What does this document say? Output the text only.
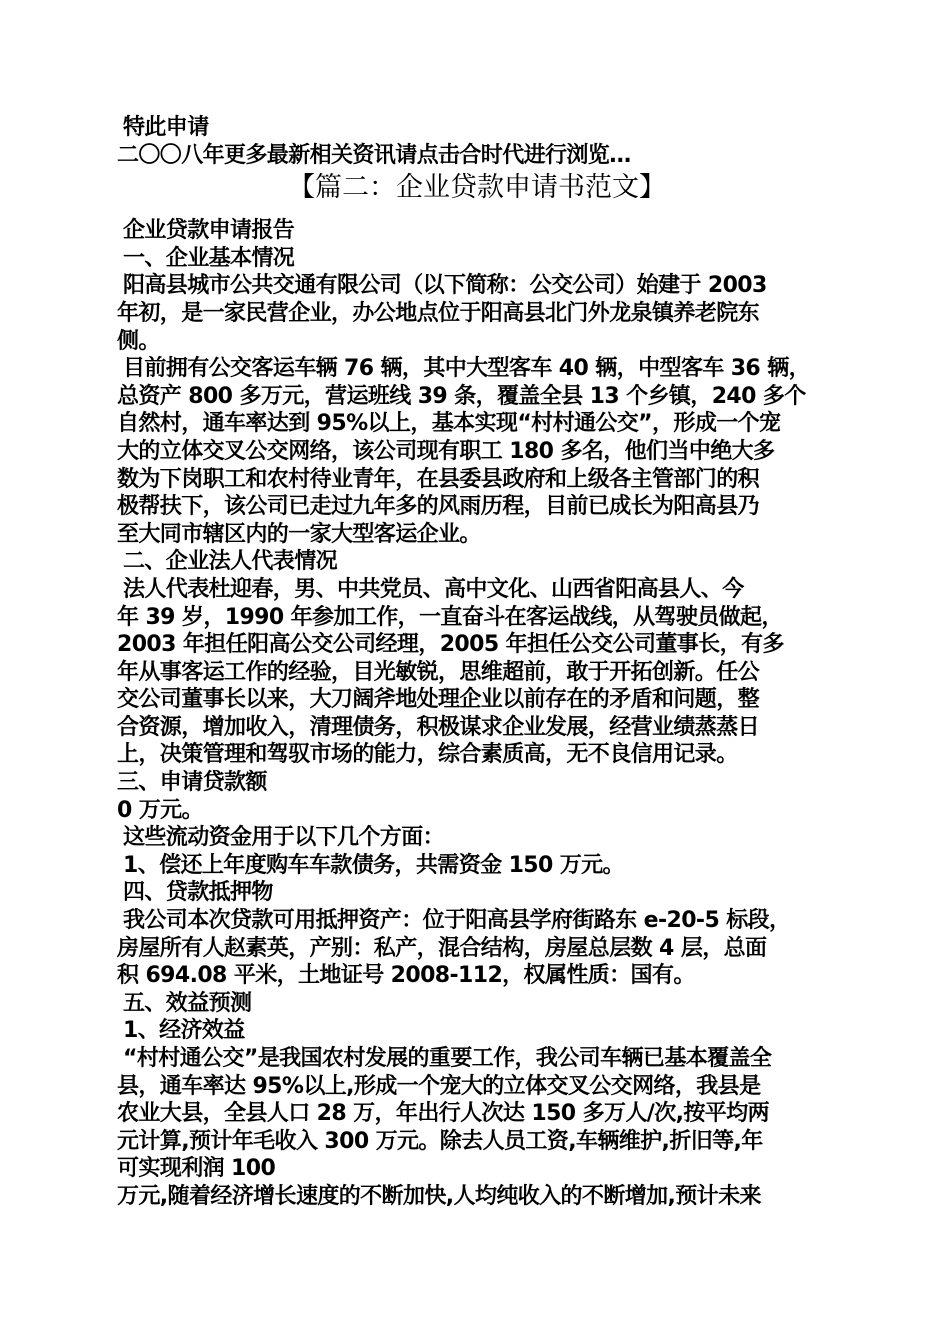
特此申请
二〇〇八年更多最新相关资讯请点击合时代进行浏览…
【篇二：企业贷款申请书范文】
企业贷款申请报告
一、企业基本情况
阳高县城市公共交通有限公司（以下简称：公交公司）始建于 2003
年初，是一家民营企业，办公地点位于阳高县北门外龙泉镇养老院东
侧。
目前拥有公交客运车辆 76 辆，其中大型客车 40 辆，中型客车 36 辆，
总资产 800 多万元，营运班线 39 条，覆盖全县 13 个乡镇，240 多个
自然村，通车率达到 95%以上，基本实现“村村通公交”，形成一个宠
大的立体交叉公交网络，该公司现有职工 180 多名，他们当中绝大多
数为下岗职工和农村待业青年，在县委县政府和上级各主管部门的积
极帮扶下，该公司已走过九年多的风雨历程，目前已成长为阳高县乃
至大同市辖区内的一家大型客运企业。
二、企业法人代表情况
法人代表杜迎春，男、中共党员、高中文化、山西省阳高县人、今
年 39 岁，1990 年参加工作，一直奋斗在客运战线，从驾驶员做起，
2003 年担任阳高公交公司经理，2005 年担任公交公司董事长，有多
年从事客运工作的经验，目光敏锐，思维超前，敢于开拓创新。任公
交公司董事长以来，大刀阔斧地处理企业以前存在的矛盾和问题，整
合资源，增加收入，清理债务，积极谋求企业发展，经营业绩蒸蒸日
上，决策管理和驾驭市场的能力，综合素质高，无不良信用记录。
三、申请贷款额
0 万元。
这些流动资金用于以下几个方面：
1、偿还上年度购车车款债务，共需资金 150 万元。
四、贷款抵押物
我公司本次贷款可用抵押资产：位于阳高县学府街路东 e-20-5 标段，
房屋所有人赵素英，产别：私产，混合结构，房屋总层数 4 层，总面
积 694.08 平米，土地证号 2008-112，权属性质：国有。
五、效益预测
1、经济效益
“村村通公交”是我国农村发展的重要工作，我公司车辆已基本覆盖全
县，通车率达 95%以上,形成一个宠大的立体交叉公交网络，我县是
农业大县，全县人口 28 万，年出行人次达 150 多万人/次,按平均两
元计算,预计年毛收入 300 万元。除去人员工资,车辆维护,折旧等,年
可实现利润 100
万元,随着经济增长速度的不断加快,人均纯收入的不断增加,预计未来
